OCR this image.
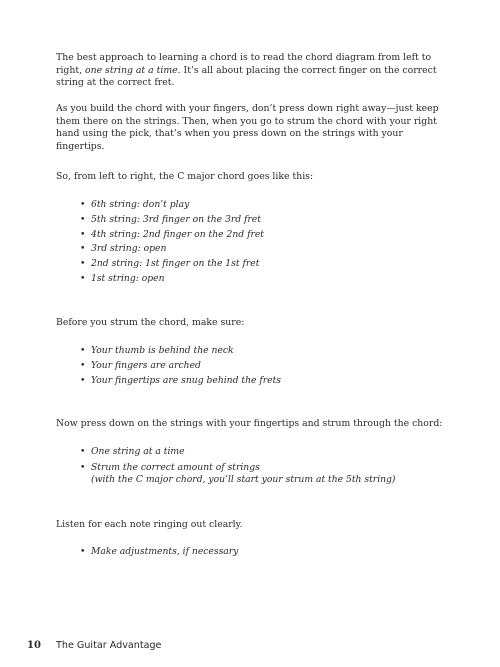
The best approach to learning a chord is to read the chord diagram from left to right, one string at a time. It’s all about placing the correct finger on the correct string at the correct fret.

As you build the chord with your fingers, don’t press down right away—just keep them there on the strings. Then, when you go to strum the chord with your right hand using the pick, that’s when you press down on the strings with your fingertips.

So, from left to right, the C major chord goes like this:

• 6th string: don’t play
• 5th string: 3rd finger on the 3rd fret
• 4th string: 2nd finger on the 2nd fret
• 3rd string: open
• 2nd string: 1st finger on the 1st fret
• 1st string: open

Before you strum the chord, make sure:

• Your thumb is behind the neck
• Your fingers are arched
• Your fingertips are snug behind the frets

Now press down on the strings with your fingertips and strum through the chord:

• One string at a time
• Strum the correct amount of strings
(with the C major chord, you’ll start your strum at the 5th string)

Listen for each note ringing out clearly.

• Make adjustments, if necessary
10 The Guitar Advantage
